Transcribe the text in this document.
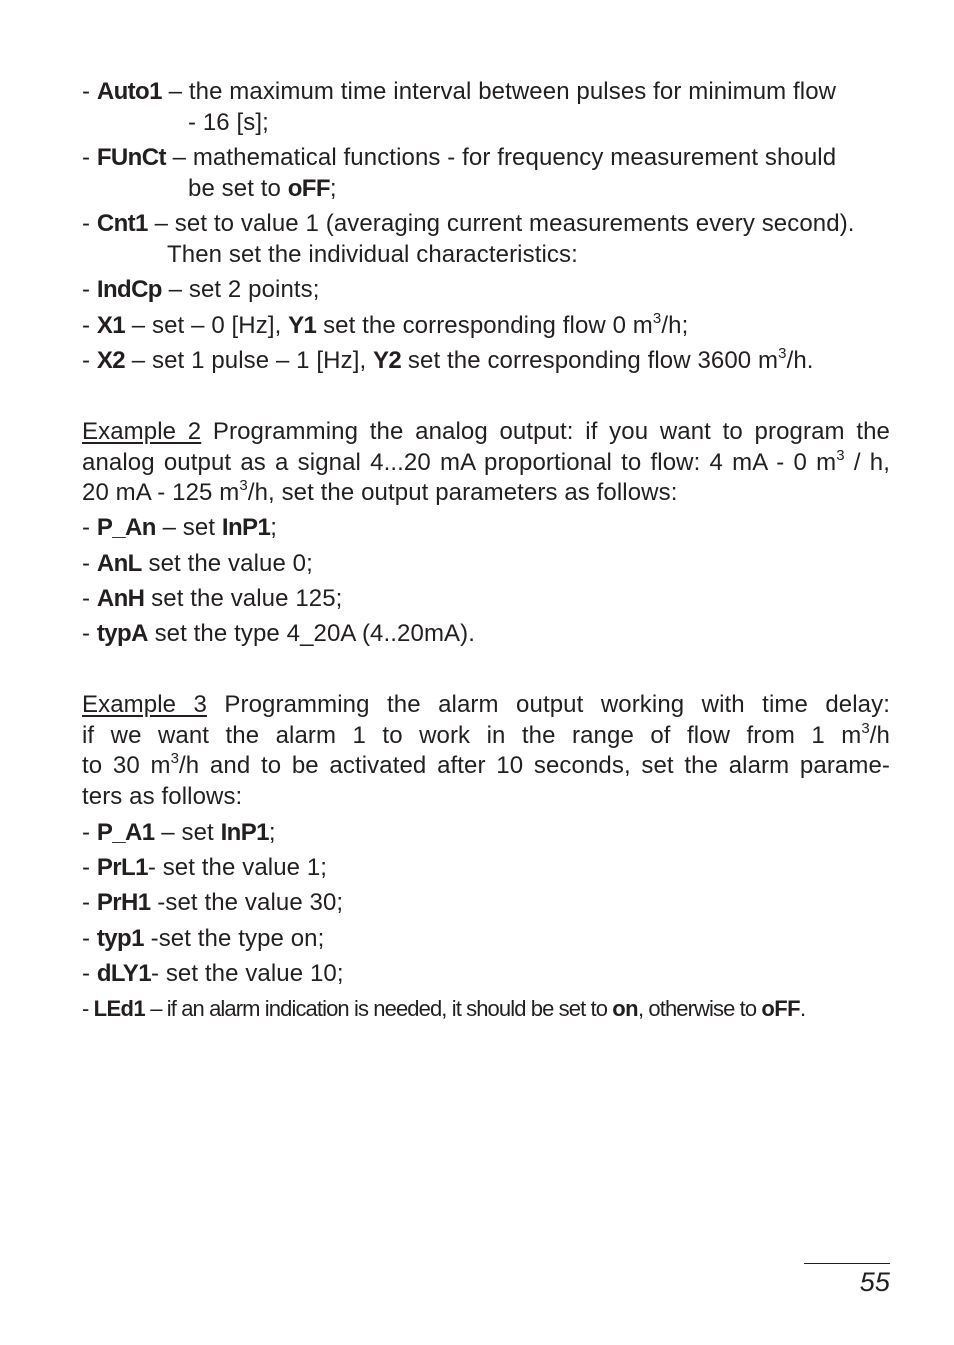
- Auto1 – the maximum time interval between pulses for minimum flow
- 16 [s];
- FUnCt – mathematical functions - for frequency measurement should
be set to oFF;
- Cnt1 – set to value 1 (averaging current measurements every second).
Then set the individual characteristics:
- IndCp – set 2 points;
- X1 – set – 0 [Hz], Y1 set the corresponding flow 0 $m^3/h$;
- X2 – set 1 pulse – 1 [Hz], Y2 set the corresponding flow 3600 $m^3/h$.
Example 2 Programming the analog output: if you want to program the
analog output as a signal 4...20 mA proportional to flow: 4 mA - 0 $m^3$ / h,
20 mA - 125 $m^3/h$, set the output parameters as follows:
- P_An – set InP1;
- AnL set the value 0;
- AnH set the value 125;
- typA set the type 4_20A (4..20mA).
Example 3 Programming the alarm output working with time delay:
if we want the alarm 1 to work in the range of flow from 1 $m^3/h$
to 30 $m^3/h$ and to be activated after 10 seconds, set the alarm parame-
ters as follows:
- P_A1 – set InP1;
- PrL1- set the value 1;
- PrH1 -set the value 30;
- typ1 -set the type on;
- dLY1- set the value 10;
- LEd1 – if an alarm indication is needed, it should be set to on, otherwise to oFF.
55
